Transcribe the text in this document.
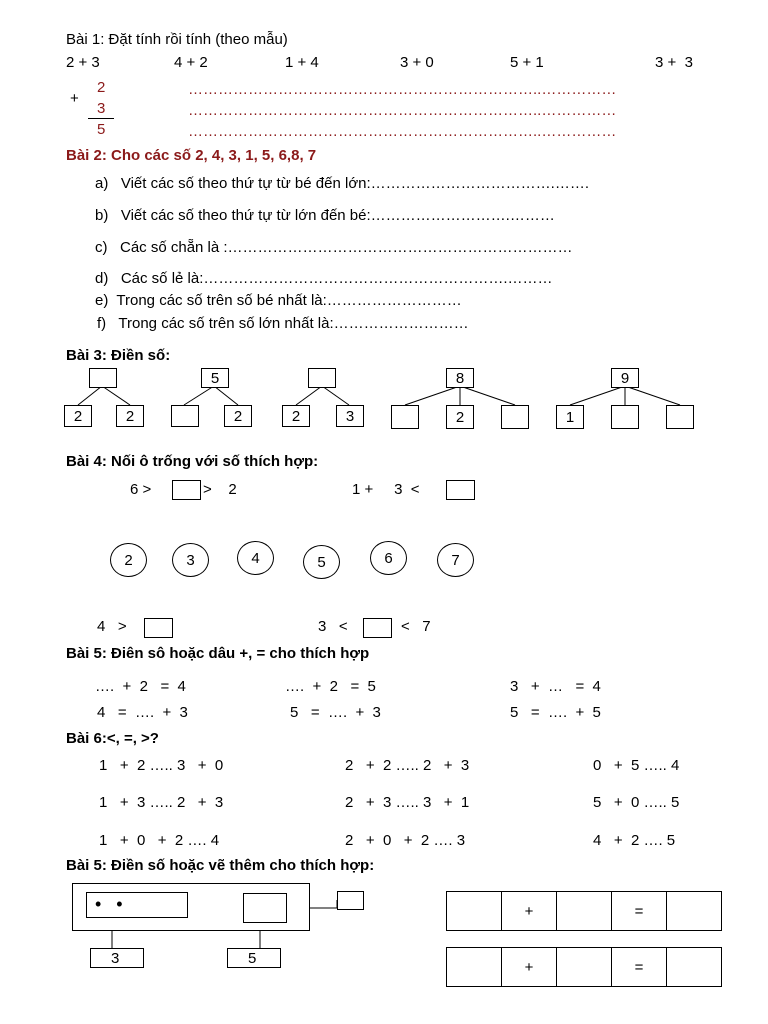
Bài 1: Đặt tính rồi tính (theo mẫu)
2 + 3	4 + 2	1 + 4	3 + 0	5 + 1	3 +  3
+
2
3
5
……………………………………………………………..……………
……………………………………………………………..……………
……………………………………………………………..……………
Bài 2: Cho các số 2, 4, 3, 1, 5, 6,8, 7
a)   Viết các số theo thứ tự từ bé đến lớn:……………………………….…….
b)   Viết các số theo thứ tự từ lớn đến bé:……………………….………
c)   Các số chẵn là :……………………………………………………………
d)   Các số lẻ là:…………………………………………………….………
e)  Trong các số trên số bé nhất là:………………………
f)   Trong các số trên số lớn nhất là:………………………
Bài 3: Điền số:
2	2
5
2	2	3
8
2
9
1
Bài 4: Nối ô trống với số thích hợp:
6 >	>    2	1 +     3  <
2	3	4	5	6	7
4   >	3   <	<   7
Bài 5: Điên sô hoặc dâu +, = cho thích hợp
….  +  2   =  4	….  +  2   =  5	3   +  …   =  4
4   =  ….  +  3	5   =  ….  +  3	5   =  ….  +  5
Bài 6:<, =, >?
1   +  2 ….. 3   +  0	2   +  2 ….. 2   +  3	0   +  5 ….. 4
1   +  3 ….. 2   +  3	2   +  3 ….. 3   +  1	5   +  0 ….. 5
1   +  0   +  2 …. 4	2   +  0   +  2 …. 3	4   +  2 …. 5
Bài 5: Điền số hoặc vẽ thêm cho thích hợp:
•   •
3	5
+	=
+	=
